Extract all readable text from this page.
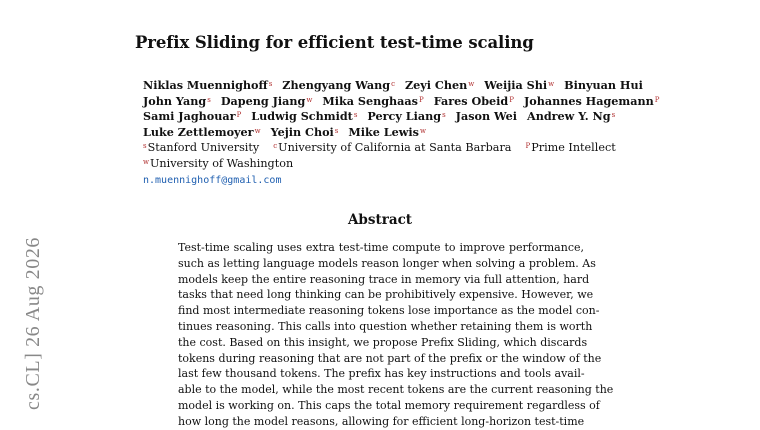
Prefix Sliding for efficient test-time scaling
Niklas Muennighoff$^s$ Zhengyang Wang$^c$ Zeyi Chen$^w$ Weijia Shi$^w$ Binyuan Hui
John Yang$^s$ Dapeng Jiang$^w$ Mika Senghaas$^P$ Fares Obeid$^P$ Johannes Hagemann$^P$
Sami Jaghouar$^P$ Ludwig Schmidt$^s$ Percy Liang$^s$ Jason Wei Andrew Y. Ng$^s$
Luke Zettlemoyer$^w$ Yejin Choi$^s$ Mike Lewis$^w$
$^s$Stanford University $^c$University of California at Santa Barbara $^P$Prime Intellect
$^w$University of Washington
n.muennighoff@gmail.com
Abstract
Test-time scaling uses extra test-time compute to improve performance,
such as letting language models reason longer when solving a problem. As
models keep the entire reasoning trace in memory via full attention, hard
tasks that need long thinking can be prohibitively expensive. However, we
find most intermediate reasoning tokens lose importance as the model con-
tinues reasoning. This calls into question whether retaining them is worth
the cost. Based on this insight, we propose Prefix Sliding, which discards
tokens during reasoning that are not part of the prefix or the window of the
last few thousand tokens. The prefix has key instructions and tools avail-
able to the model, while the most recent tokens are the current reasoning the
model is working on. This caps the total memory requirement regardless of
how long the model reasons, allowing for efficient long-horizon test-time
cs.CL] 26 Aug 2026
